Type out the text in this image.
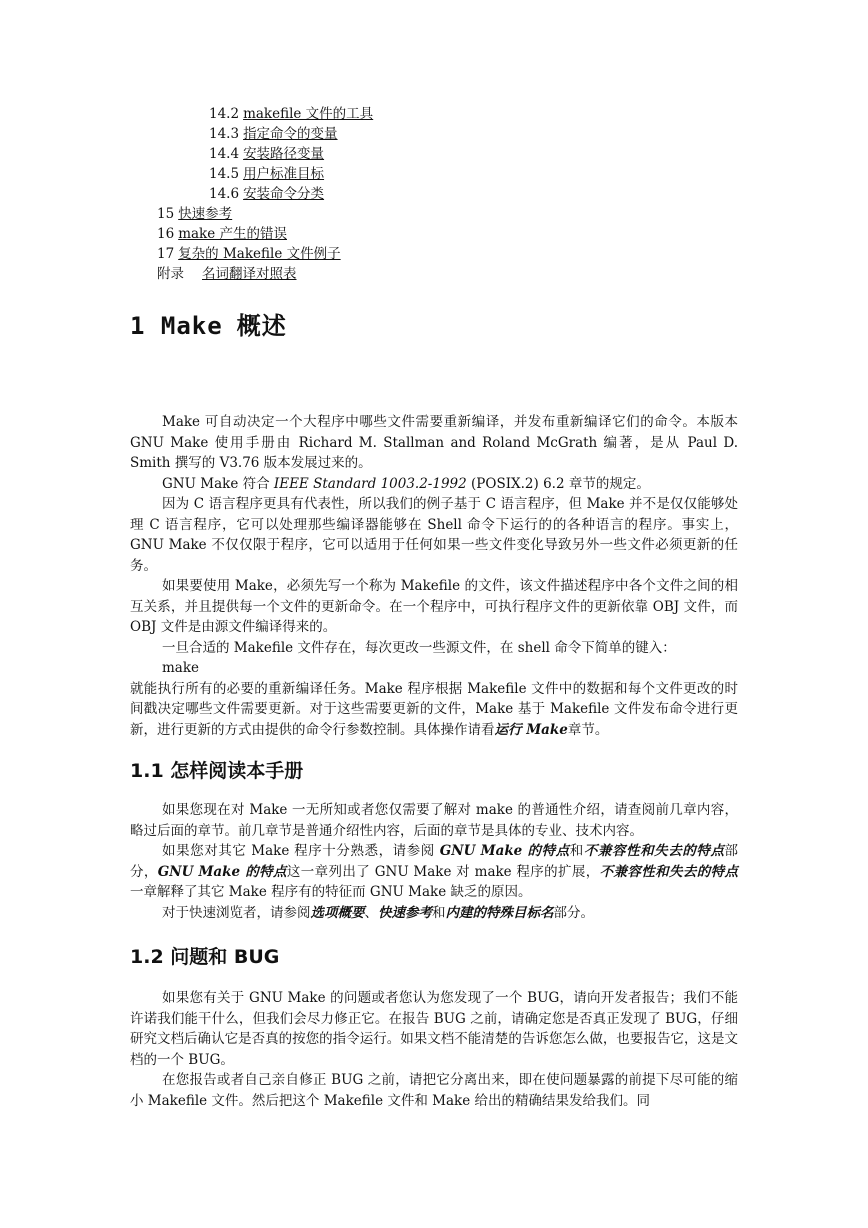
14.2 makefile 文件的工具
14.3 指定命令的变量
14.4 安装路径变量
14.5 用户标准目标
14.6 安装命令分类
15 快速参考
16 make 产生的错误
17 复杂的 Makefile 文件例子
附录 名词翻译对照表
1 Make 概述

Make 可自动决定一个大程序中哪些文件需要重新编译，并发布重新编译它们的命令。本版本 GNU Make 使用手册由 Richard M. Stallman and Roland McGrath 编著，是从 Paul D. Smith 撰写的 V3.76 版本发展过来的。

GNU Make 符合 IEEE Standard 1003.2-1992 (POSIX.2) 6.2 章节的规定。

因为 C 语言程序更具有代表性，所以我们的例子基于 C 语言程序，但 Make 并不是仅仅能够处理 C 语言程序，它可以处理那些编译器能够在 Shell 命令下运行的的各种语言的程序。事实上，GNU Make 不仅仅限于程序，它可以适用于任何如果一些文件变化导致另外一些文件必须更新的任务。

如果要使用 Make，必须先写一个称为 Makefile 的文件，该文件描述程序中各个文件之间的相互关系，并且提供每一个文件的更新命令。在一个程序中，可执行程序文件的更新依靠 OBJ 文件，而 OBJ 文件是由源文件编译得来的。

一旦合适的 Makefile 文件存在，每次更改一些源文件，在 shell 命令下简单的键入：

make

就能执行所有的必要的重新编译任务。Make 程序根据 Makefile 文件中的数据和每个文件更改的时间戳决定哪些文件需要更新。对于这些需要更新的文件，Make 基于 Makefile 文件发布命令进行更新，进行更新的方式由提供的命令行参数控制。具体操作请看运行 Make章节。

1.1 怎样阅读本手册

如果您现在对 Make 一无所知或者您仅需要了解对 make 的普通性介绍，请查阅前几章内容，略过后面的章节。前几章节是普通介绍性内容，后面的章节是具体的专业、技术内容。

如果您对其它 Make 程序十分熟悉，请参阅 GNU Make 的特点和不兼容性和失去的特点部分，GNU Make 的特点这一章列出了 GNU Make 对 make 程序的扩展，不兼容性和失去的特点一章解释了其它 Make 程序有的特征而 GNU Make 缺乏的原因。

对于快速浏览者，请参阅选项概要、快速参考和内建的特殊目标名部分。

1.2 问题和 BUG

如果您有关于 GNU Make 的问题或者您认为您发现了一个 BUG，请向开发者报告；我们不能许诺我们能干什么，但我们会尽力修正它。在报告 BUG 之前，请确定您是否真正发现了 BUG，仔细研究文档后确认它是否真的按您的指令运行。如果文档不能清楚的告诉您怎么做，也要报告它，这是文档的一个 BUG。

在您报告或者自己亲自修正 BUG 之前，请把它分离出来，即在使问题暴露的前提下尽可能的缩小 Makefile 文件。然后把这个 Makefile 文件和 Make 给出的精确结果发给我们。同
